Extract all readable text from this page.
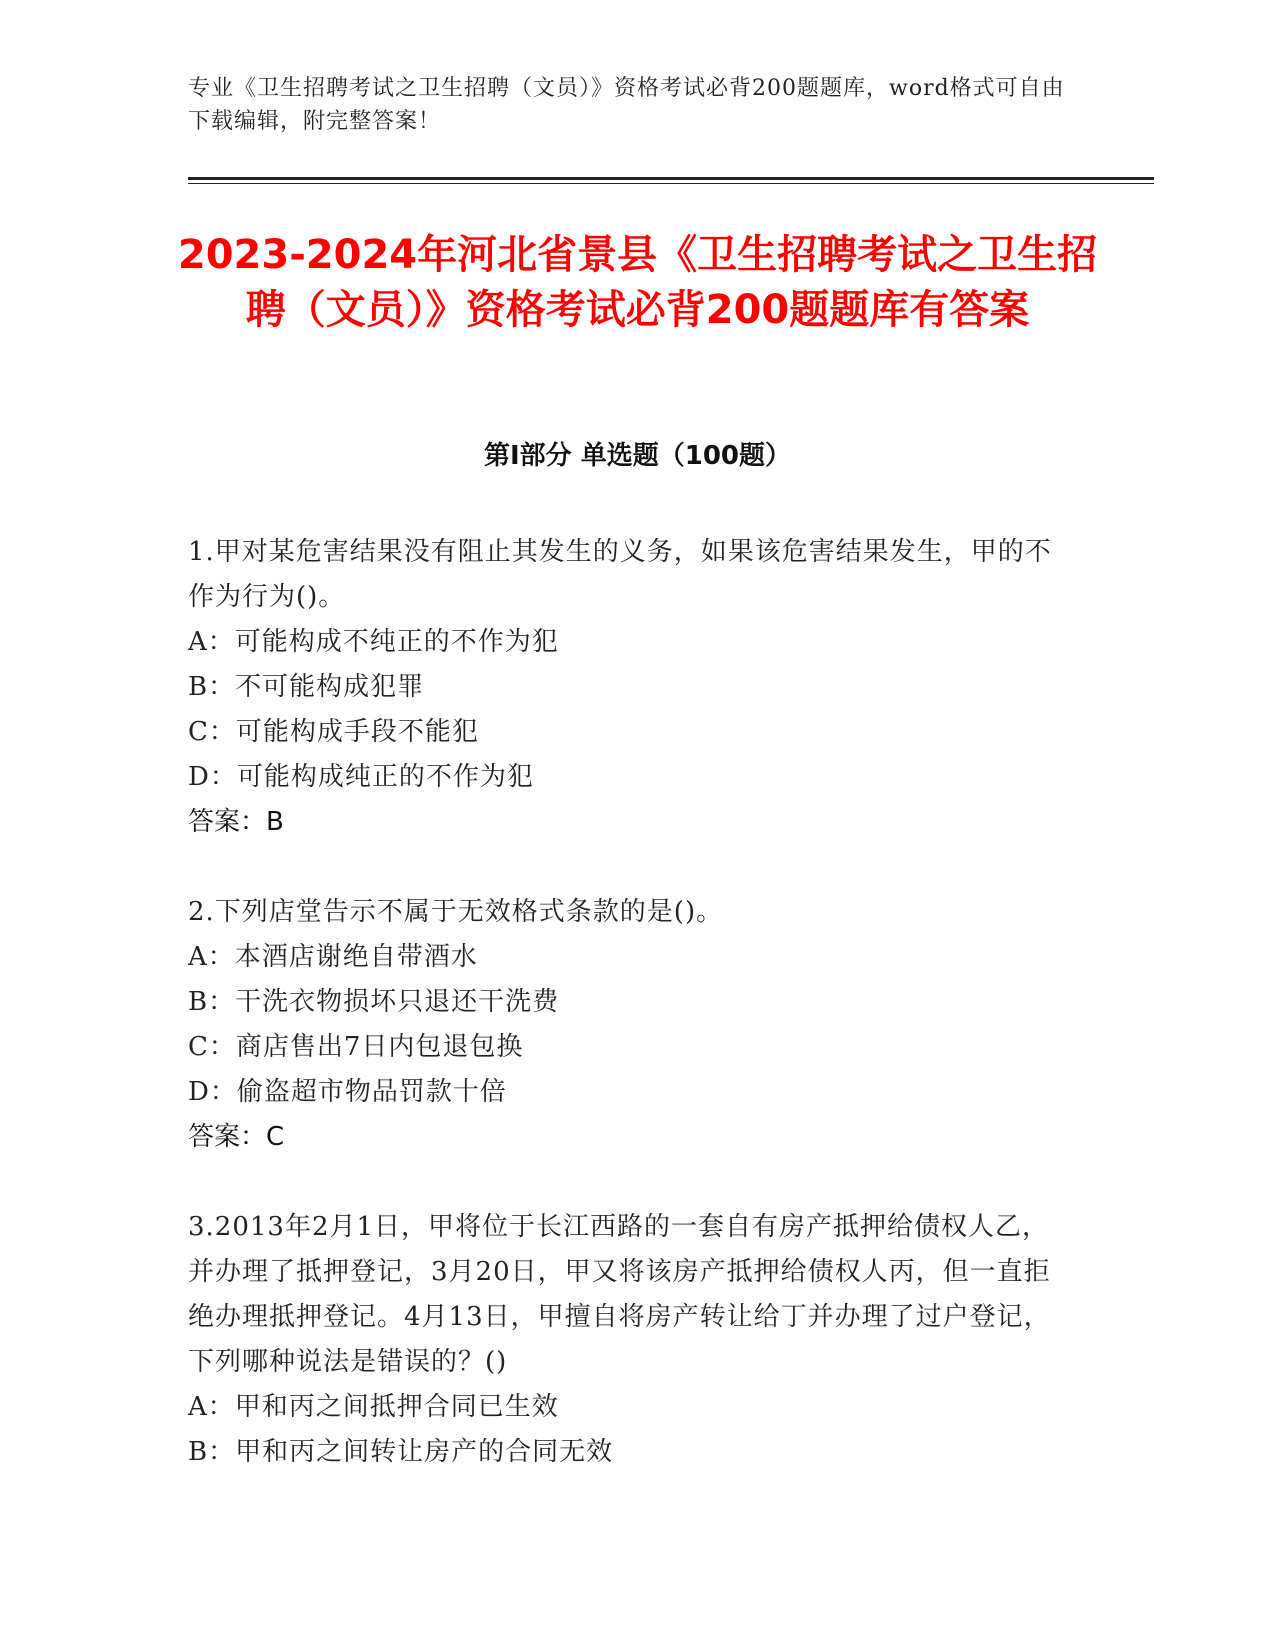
专业《卫生招聘考试之卫生招聘（文员）》资格考试必背200题题库，word格式可自由下载编辑，附完整答案！
2023-2024年河北省景县《卫生招聘考试之卫生招聘（文员）》资格考试必背200题题库有答案
第I部分 单选题（100题）

1.甲对某危害结果没有阻止其发生的义务，如果该危害结果发生，甲的不作为行为()。

A：可能构成不纯正的不作为犯

B：不可能构成犯罪

C：可能构成手段不能犯

D：可能构成纯正的不作为犯

答案：B

2.下列店堂告示不属于无效格式条款的是()。

A：本酒店谢绝自带酒水

B：干洗衣物损坏只退还干洗费

C：商店售出7日内包退包换

D：偷盗超市物品罚款十倍

答案：C

3.2013年2月1日，甲将位于长江西路的一套自有房产抵押给债权人乙，并办理了抵押登记，3月20日，甲又将该房产抵押给债权人丙，但一直拒绝办理抵押登记。4月13日，甲擅自将房产转让给丁并办理了过户登记，下列哪种说法是错误的？()

A：甲和丙之间抵押合同已生效

B：甲和丙之间转让房产的合同无效
